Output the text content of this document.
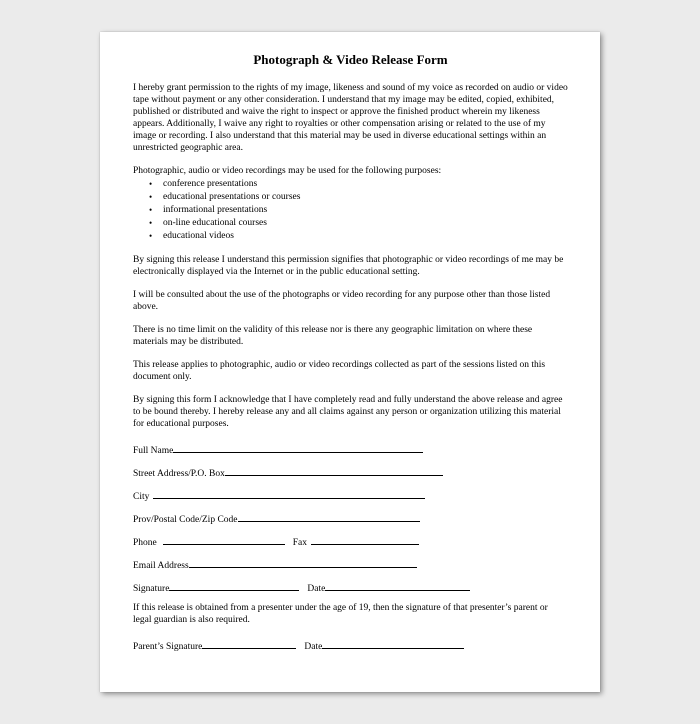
Photograph & Video Release Form

I hereby grant permission to the rights of my image, likeness and sound of my voice as recorded on audio or video tape without payment or any other consideration. I understand that my image may be edited, copied, exhibited, published or distributed and waive the right to inspect or approve the finished product wherein my likeness appears. Additionally, I waive any right to royalties or other compensation arising or related to the use of my image or recording. I also understand that this material may be used in diverse educational settings within an unrestricted geographic area.

Photographic, audio or video recordings may be used for the following purposes:

• conference presentations
• educational presentations or courses
• informational presentations
• on-line educational courses
• educational videos

By signing this release I understand this permission signifies that photographic or video recordings of me may be electronically displayed via the Internet or in the public educational setting.

I will be consulted about the use of the photographs or video recording for any purpose other than those listed above.

There is no time limit on the validity of this release nor is there any geographic limitation on where these materials may be distributed.

This release applies to photographic, audio or video recordings collected as part of the sessions listed on this document only.

By signing this form I acknowledge that I have completely read and fully understand the above release and agree to be bound thereby. I hereby release any and all claims against any person or organization utilizing this material for educational purposes.

Full Name
Street Address/P.O. Box
City
Prov/Postal Code/Zip Code
Phone	Fax
Email Address
Signature	Date

If this release is obtained from a presenter under the age of 19, then the signature of that presenter’s parent or legal guardian is also required.

Parent’s Signature	Date
